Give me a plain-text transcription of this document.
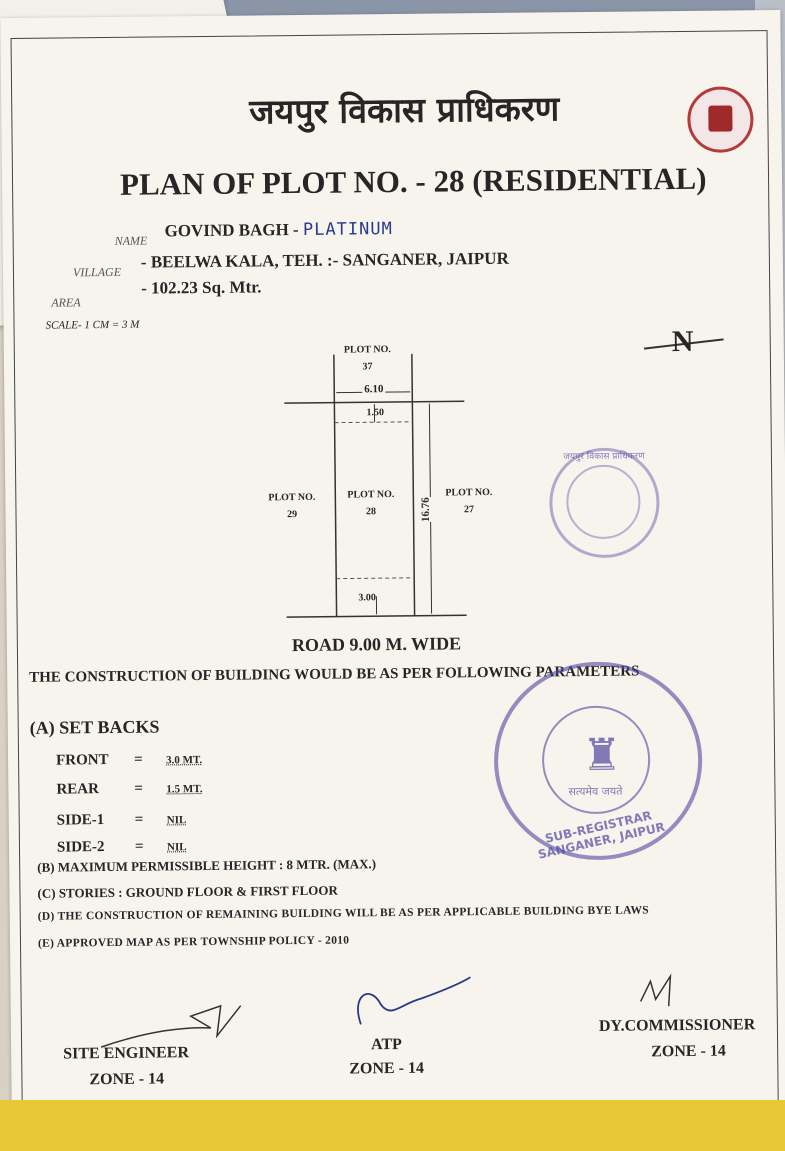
जयपुर विकास प्राधिकरण
PLAN OF PLOT NO. - 28 (RESIDENTIAL)
NAME
GOVIND BAGH - PLATINUM
VILLAGE
- BEELWA KALA, TEH. :- SANGANER, JAIPUR
AREA
- 102.23 Sq. Mtr.
SCALE- 1 CM = 3 M
PLOT NO.
37
6.10
1.50
PLOT NO.
29
PLOT NO.
28
PLOT NO.
27
16.76
3.00
N
जयपुर विकास प्राधिकरण
ROAD 9.00 M. WIDE
THE CONSTRUCTION OF BUILDING WOULD BE AS PER FOLLOWING PARAMETERS
(A) SET BACKS
FRONT = 3.0 MT.
REAR = 1.5 MT.
SIDE-1 = NIL
SIDE-2 = NIL
(B) MAXIMUM PERMISSIBLE HEIGHT : 8 MTR. (MAX.)
(C) STORIES : GROUND FLOOR & FIRST FLOOR
(D) THE CONSTRUCTION OF REMAINING BUILDING WILL BE AS PER APPLICABLE BUILDING BYE LAWS
(E) APPROVED MAP AS PER TOWNSHIP POLICY - 2010
♜
सत्यमेव जयते
SUB-REGISTRAR SANGANER, JAIPUR
SITE ENGINEER
ZONE - 14
ATP
ZONE - 14
DY.COMMISSIONER
ZONE - 14
